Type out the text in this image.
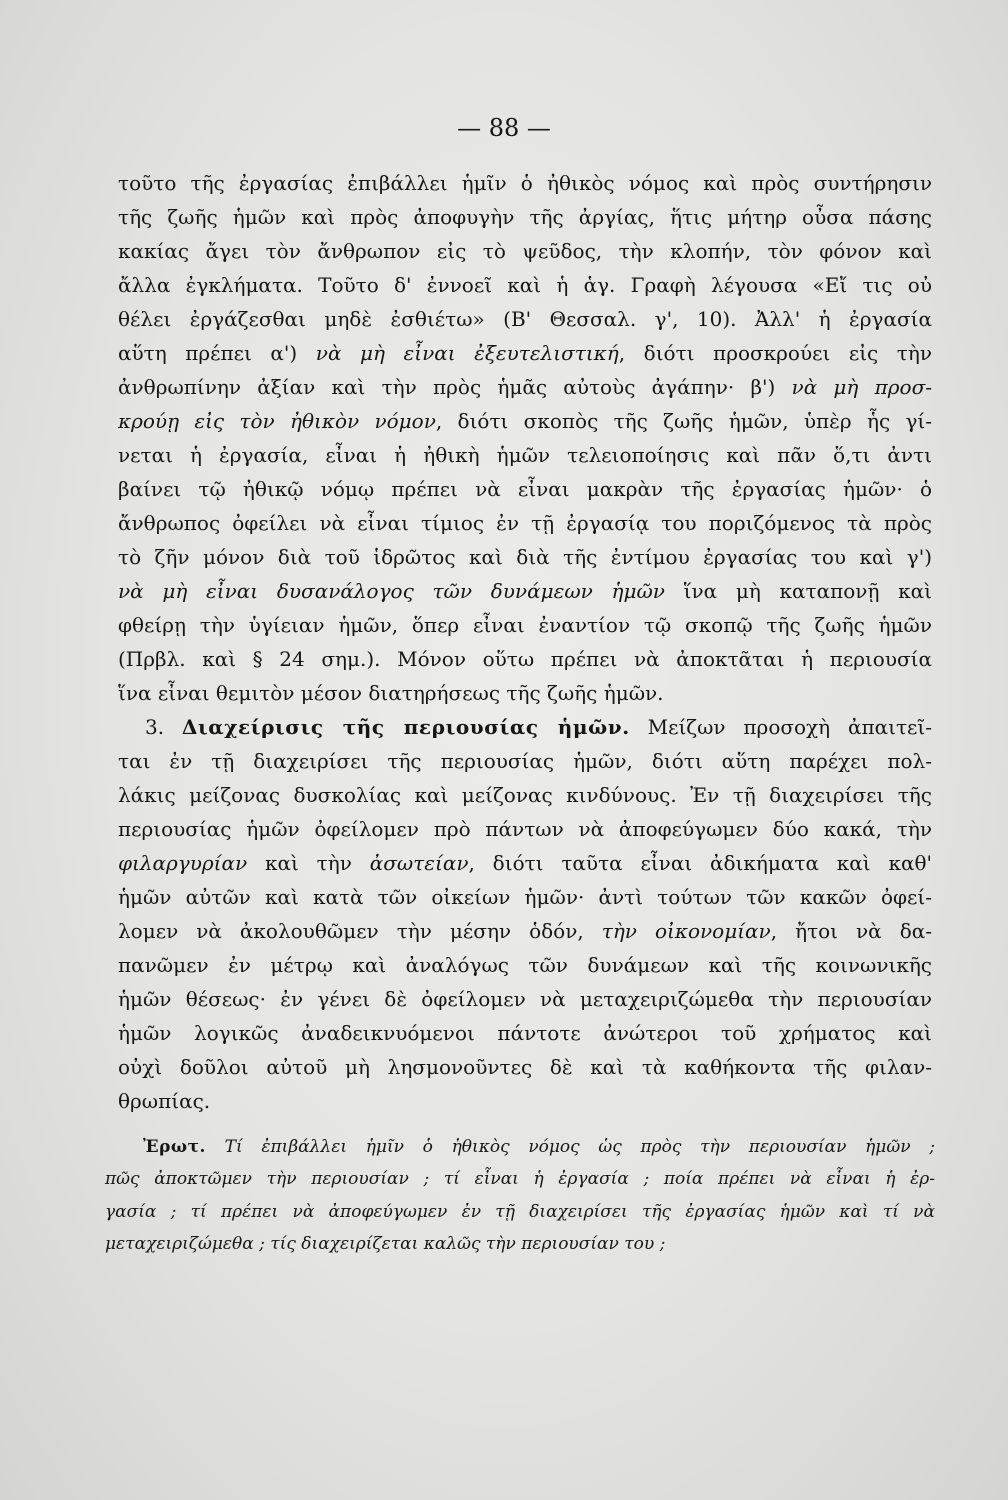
— 88 —
τοῦτο τῆς ἐργασίας ἐπιβάλλει ἡμῖν ὁ ἠθικὸς νόμος καὶ πρὸς συντήρησιν
τῆς ζωῆς ἡμῶν καὶ πρὸς ἀποφυγὴν τῆς ἀργίας, ἥτις μήτηρ οὖσα πάσης
κακίας ἄγει τὸν ἄνθρωπον εἰς τὸ ψεῦδος, τὴν κλοπήν, τὸν φόνον καὶ
ἄλλα ἐγκλήματα. Τοῦτο δ' ἐννοεῖ καὶ ἡ ἁγ. Γραφὴ λέγουσα «Εἴ τις οὐ
θέλει ἐργάζεσθαι μηδὲ ἐσθιέτω» (Β' Θεσσαλ. γ', 10). Ἀλλ' ἡ ἐργασία
αὕτη πρέπει α') νὰ μὴ εἶναι ἐξευτελιστική, διότι προσκρούει εἰς τὴν
ἀνθρωπίνην ἀξίαν καὶ τὴν πρὸς ἡμᾶς αὐτοὺς ἀγάπην· β') νὰ μὴ προσ-
κρούῃ εἰς τὸν ἠθικὸν νόμον, διότι σκοπὸς τῆς ζωῆς ἡμῶν, ὑπὲρ ἧς γί-
νεται ἡ ἐργασία, εἶναι ἡ ἠθικὴ ἡμῶν τελειοποίησις καὶ πᾶν ὅ,τι ἀντι
βαίνει τῷ ἠθικῷ νόμῳ πρέπει νὰ εἶναι μακρὰν τῆς ἐργασίας ἡμῶν· ὁ
ἄνθρωπος ὀφείλει νὰ εἶναι τίμιος ἐν τῇ ἐργασίᾳ του ποριζόμενος τὰ πρὸς
τὸ ζῆν μόνον διὰ τοῦ ἱδρῶτος καὶ διὰ τῆς ἐντίμου ἐργασίας του καὶ γ')
νὰ μὴ εἶναι δυσανάλογος τῶν δυνάμεων ἡμῶν ἵνα μὴ καταπονῇ καὶ
φθείρῃ τὴν ὑγίειαν ἡμῶν, ὅπερ εἶναι ἐναντίον τῷ σκοπῷ τῆς ζωῆς ἡμῶν
(Πρβλ. καὶ § 24 σημ.). Μόνον οὕτω πρέπει νὰ ἀποκτᾶται ἡ περιουσία
ἵνα εἶναι θεμιτὸν μέσον διατηρήσεως τῆς ζωῆς ἡμῶν.
3. Διαχείρισις τῆς περιουσίας ἡμῶν. Μείζων προσοχὴ ἀπαιτεῖ-
ται ἐν τῇ διαχειρίσει τῆς περιουσίας ἡμῶν, διότι αὕτη παρέχει πολ-
λάκις μείζονας δυσκολίας καὶ μείζονας κινδύνους. Ἐν τῇ διαχειρίσει τῆς
περιουσίας ἡμῶν ὀφείλομεν πρὸ πάντων νὰ ἀποφεύγωμεν δύο κακά, τὴν
φιλαργυρίαν καὶ τὴν ἀσωτείαν, διότι ταῦτα εἶναι ἀδικήματα καὶ καθ'
ἡμῶν αὐτῶν καὶ κατὰ τῶν οἰκείων ἡμῶν· ἀντὶ τούτων τῶν κακῶν ὀφεί-
λομεν νὰ ἀκολουθῶμεν τὴν μέσην ὁδόν, τὴν οἰκονομίαν, ἤτοι νὰ δα-
πανῶμεν ἐν μέτρῳ καὶ ἀναλόγως τῶν δυνάμεων καὶ τῆς κοινωνικῆς
ἡμῶν θέσεως· ἐν γένει δὲ ὀφείλομεν νὰ μεταχειριζώμεθα τὴν περιουσίαν
ἡμῶν λογικῶς ἀναδεικνυόμενοι πάντοτε ἀνώτεροι τοῦ χρήματος καὶ
οὐχὶ δοῦλοι αὐτοῦ μὴ λησμονοῦντες δὲ καὶ τὰ καθήκοντα τῆς φιλαν-
θρωπίας.
Ἐρωτ. Τί ἐπιβάλλει ἡμῖν ὁ ἠθικὸς νόμος ὡς πρὸς τὴν περιουσίαν ἡμῶν ;
πῶς ἀποκτῶμεν τὴν περιουσίαν ; τί εἶναι ἡ ἐργασία ; ποία πρέπει νὰ εἶναι ἡ ἐρ-
γασία ; τί πρέπει νὰ ἀποφεύγωμεν ἐν τῇ διαχειρίσει τῆς ἐργασίας ἡμῶν καὶ τί νὰ
μεταχειριζώμεθα ; τίς διαχειρίζεται καλῶς τὴν περιουσίαν του ;
